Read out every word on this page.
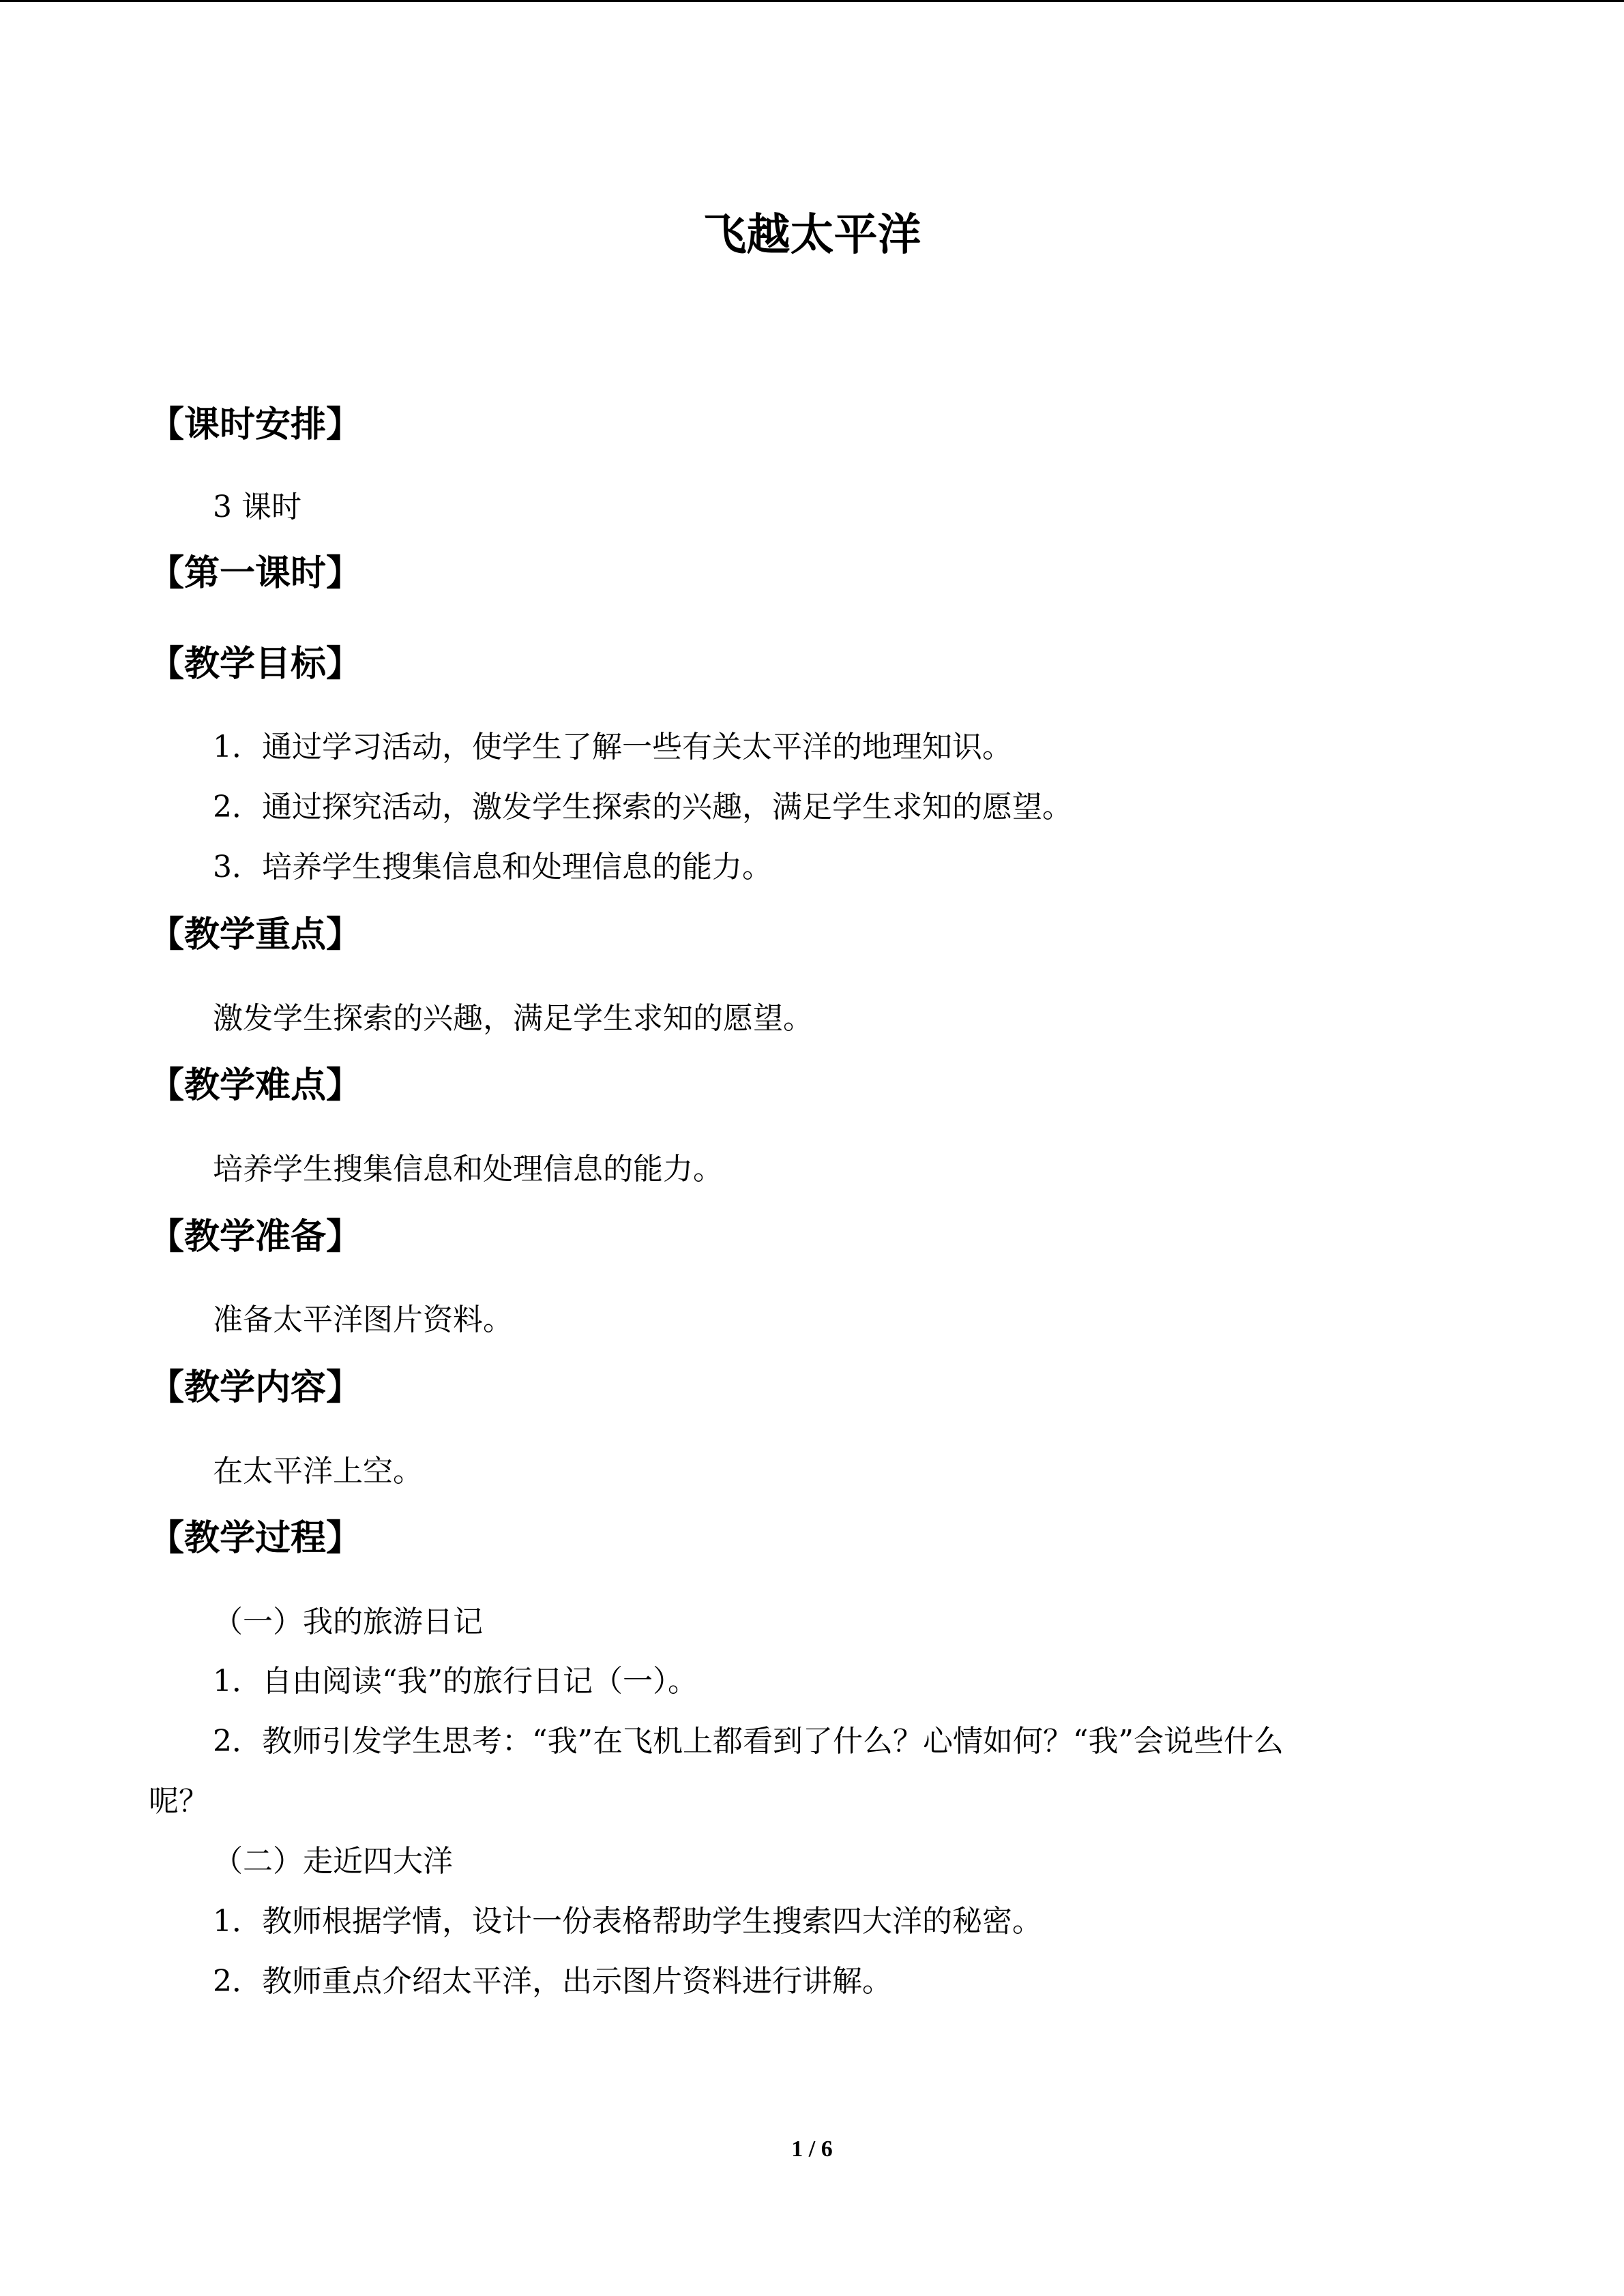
飞越太平洋
【课时安排】
3 课时
【第一课时】
【教学目标】
1．通过学习活动，使学生了解一些有关太平洋的地理知识。
2．通过探究活动，激发学生探索的兴趣，满足学生求知的愿望。
3．培养学生搜集信息和处理信息的能力。
【教学重点】
激发学生探索的兴趣，满足学生求知的愿望。
【教学难点】
培养学生搜集信息和处理信息的能力。
【教学准备】
准备太平洋图片资料。
【教学内容】
在太平洋上空。
【教学过程】
（一）我的旅游日记
1．自由阅读“我”的旅行日记（一）。
2．教师引发学生思考：“我”在飞机上都看到了什么？心情如何？“我”会说些什么
呢？
（二）走近四大洋
1．教师根据学情，设计一份表格帮助学生搜索四大洋的秘密。
2．教师重点介绍太平洋，出示图片资料进行讲解。
1 / 6
